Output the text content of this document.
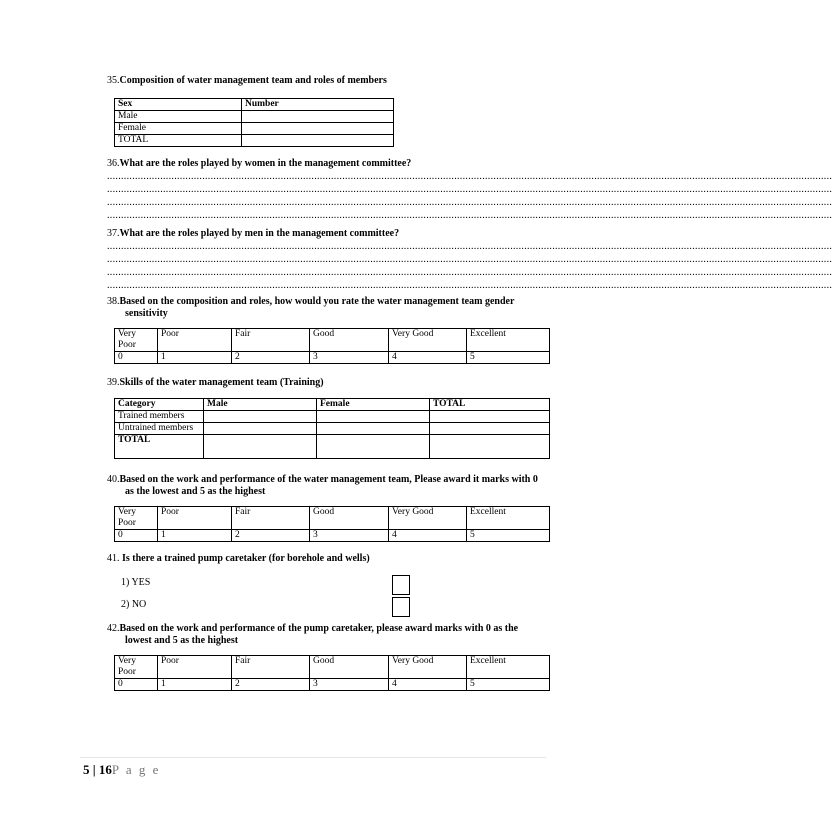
35.Composition of water management team and roles of members
Sex	Number
Male	
Female	
TOTAL	
36.What are the roles played by women in the management committee?
...................................................................................................................................................................................................................................................................
...................................................................................................................................................................................................................................................................
...................................................................................................................................................................................................................................................................
...................................................................................................................................................................................................................................................................
37.What are the roles played by men in the management committee?
...................................................................................................................................................................................................................................................................
...................................................................................................................................................................................................................................................................
...................................................................................................................................................................................................................................................................
...................................................................................................................................................................................................................................................................
38.Based on the composition and roles, how would you rate the water management team gender
sensitivity
Very
Poor	Poor	Fair	Good	Very Good	Excellent
0	1	2	3	4	5
39.Skills of the water management team (Training)
Category	Male	Female	TOTAL
Trained members			
Untrained members			
TOTAL			
40.Based on the work and performance of the water management team, Please award it marks with 0
as the lowest and 5 as the highest
Very
Poor	Poor	Fair	Good	Very Good	Excellent
0	1	2	3	4	5
41. Is there a trained pump caretaker (for borehole and wells)
1) YES
2) NO
42.Based on the work and performance of the pump caretaker, please award marks with 0 as the
lowest and 5 as the highest
Very
Poor	Poor	Fair	Good	Very Good	Excellent
0	1	2	3	4	5
5 | 16P a g e
